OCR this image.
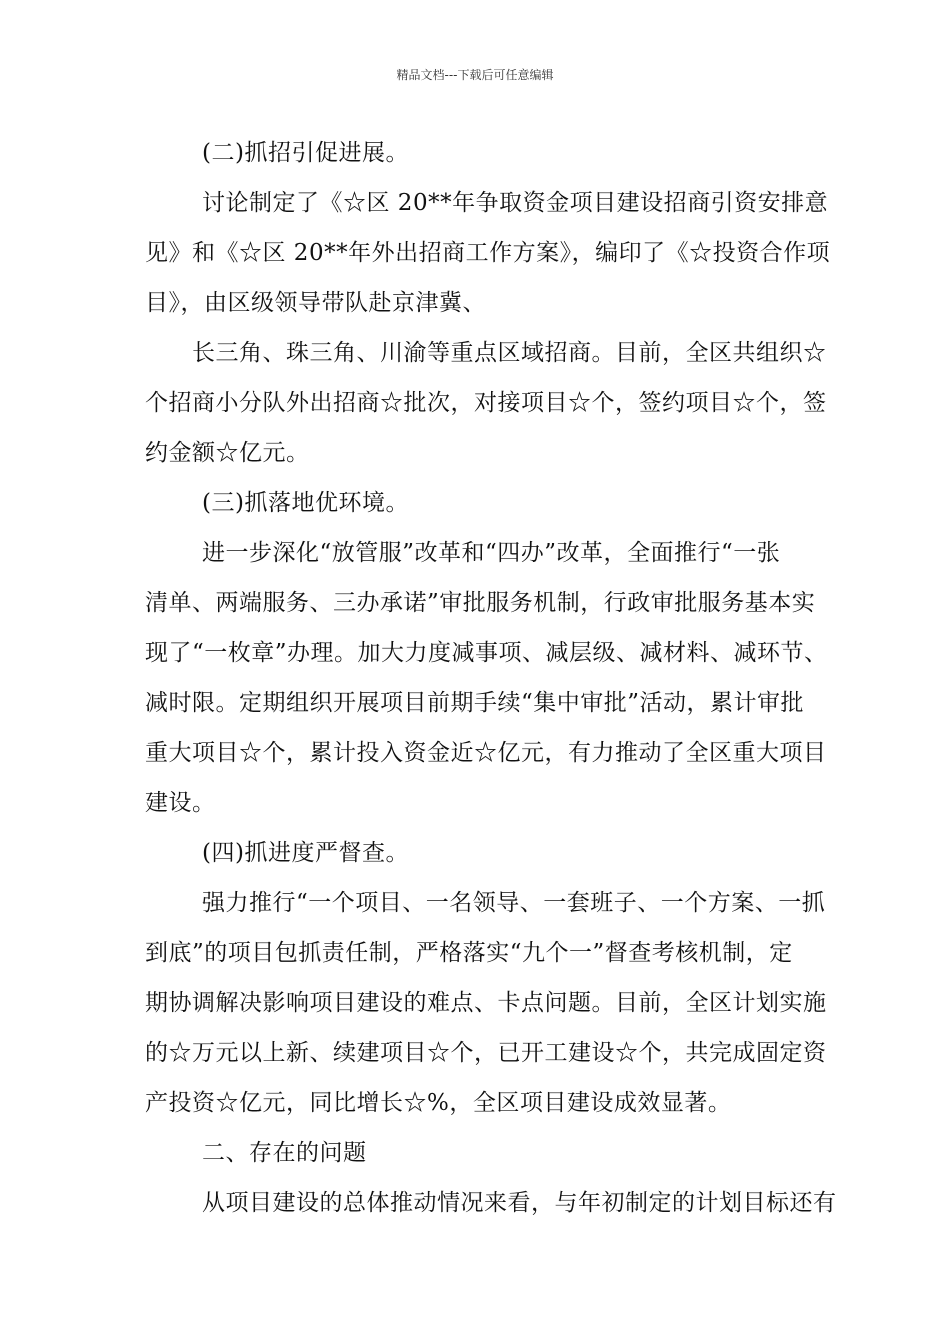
精品文档---下载后可任意编辑
(二)抓招引促进展。
讨论制定了《☆区 20**年争取资金项目建设招商引资安排意
见》和《☆区 20**年外出招商工作方案》，编印了《☆投资合作项
目》，由区级领导带队赴京津冀、
长三角、珠三角、川渝等重点区域招商。目前，全区共组织☆
个招商小分队外出招商☆批次，对接项目☆个，签约项目☆个，签
约金额☆亿元。
(三)抓落地优环境。
进一步深化“放管服”改革和“四办”改革，全面推行“一张
清单、两端服务、三办承诺”审批服务机制，行政审批服务基本实
现了“一枚章”办理。加大力度减事项、减层级、减材料、减环节、
减时限。定期组织开展项目前期手续“集中审批”活动，累计审批
重大项目☆个，累计投入资金近☆亿元，有力推动了全区重大项目
建设。
(四)抓进度严督查。
强力推行“一个项目、一名领导、一套班子、一个方案、一抓
到底”的项目包抓责任制，严格落实“九个一”督查考核机制，定
期协调解决影响项目建设的难点、卡点问题。目前，全区计划实施
的☆万元以上新、续建项目☆个，已开工建设☆个，共完成固定资
产投资☆亿元，同比增长☆%，全区项目建设成效显著。
二、存在的问题
从项目建设的总体推动情况来看，与年初制定的计划目标还有
